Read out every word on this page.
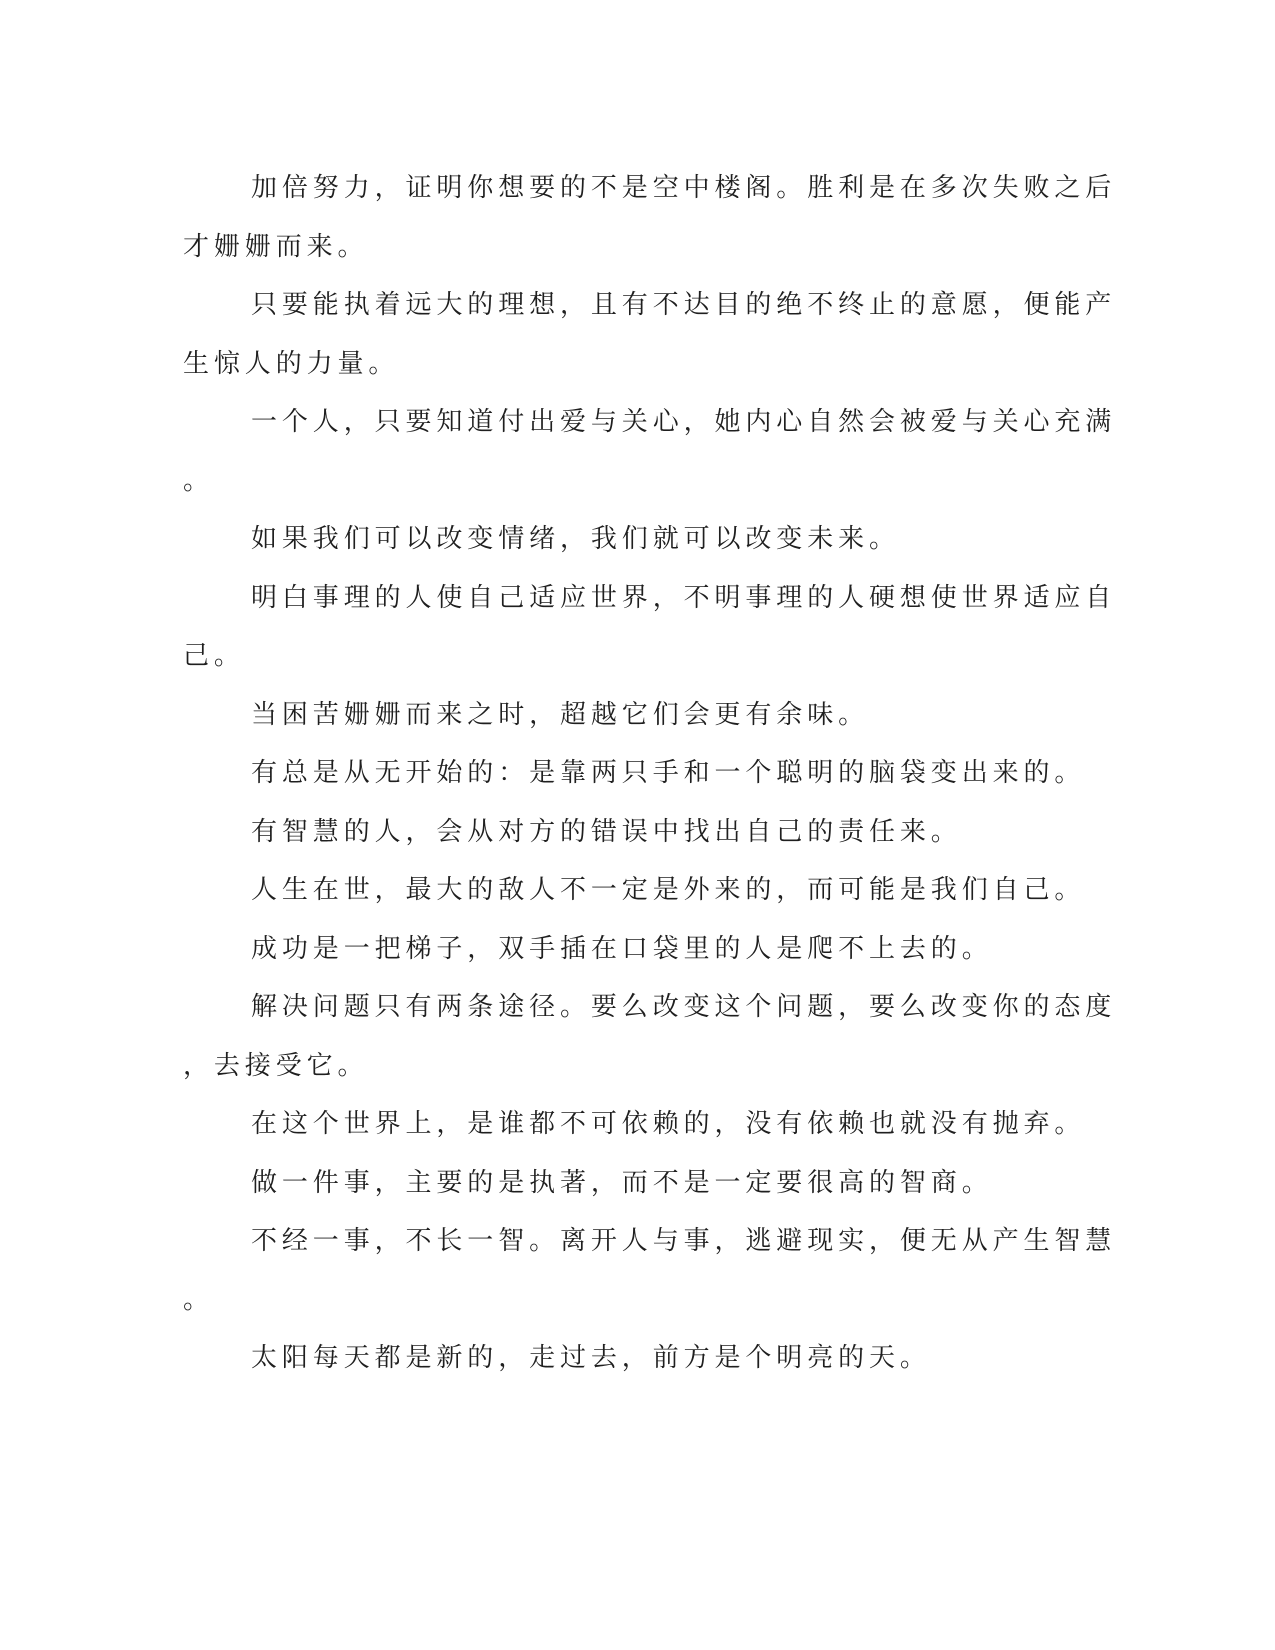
加倍努力，证明你想要的不是空中楼阁。胜利是在多次失败之后
才姗姗而来。

只要能执着远大的理想，且有不达目的绝不终止的意愿，便能产
生惊人的力量。

一个人，只要知道付出爱与关心，她内心自然会被爱与关心充满
。

如果我们可以改变情绪，我们就可以改变未来。

明白事理的人使自己适应世界，不明事理的人硬想使世界适应自
己。

当困苦姗姗而来之时，超越它们会更有余味。

有总是从无开始的：是靠两只手和一个聪明的脑袋变出来的。

有智慧的人，会从对方的错误中找出自己的责任来。

人生在世，最大的敌人不一定是外来的，而可能是我们自己。

成功是一把梯子，双手插在口袋里的人是爬不上去的。

解决问题只有两条途径。要么改变这个问题，要么改变你的态度
，去接受它。

在这个世界上，是谁都不可依赖的，没有依赖也就没有抛弃。

做一件事，主要的是执著，而不是一定要很高的智商。

不经一事，不长一智。离开人与事，逃避现实，便无从产生智慧
。

太阳每天都是新的，走过去，前方是个明亮的天。
